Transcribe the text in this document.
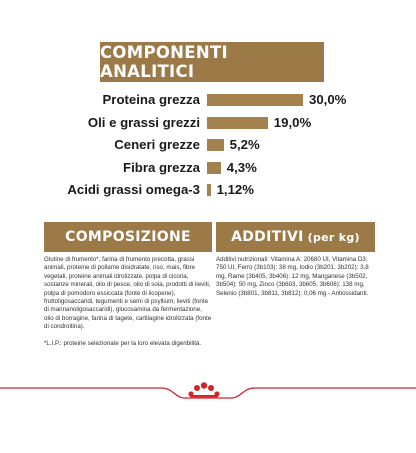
COMPONENTI ANALITICI
Proteina grezza	30,0%
Oli e grassi grezzi	19,0%
Ceneri grezze 5,2%
Fibra grezza 4,3%
Acidi grassi omega-3 1,12%
COMPOSIZIONE	ADDITIVI (per kg)
Glutine di frumento*, farina di frumento precotta, grassi animali, proteine di pollame disidratate, riso, mais, fibre vegetali, proteine animali idrolizzate, polpa di cicoria, sostanze minerali, olio di pesce, olio di soia, prodotti di lieviti, polpa di pomodoro essiccata (fonte di licopene), fruttoligosaccaridi, tegumenti e semi di psyllium, lieviti (fonte di mannanoligosaccaridi), glucosamina da fermentazione, olio di borragine, farina di tagete, cartilagine idrolizzata (fonte di condroitina).
*L.I.P.: proteine selezionate per la loro elevata digeribilità.
Additivi nutrizionali: Vitamina A: 20680 UI, Vitamina D3: 750 UI, Ferro (3b103): 38 mg, Iodio (3b201, 3b202): 3,8 mg, Rame (3b405, 3b406): 12 mg, Manganese (3b502, 3b504): 50 mg, Zinco (3b603, 3b605, 3b606): 138 mg, Selenio (3b801, 3b811, 3b812): 0,06 mg - Antiossidanti.
